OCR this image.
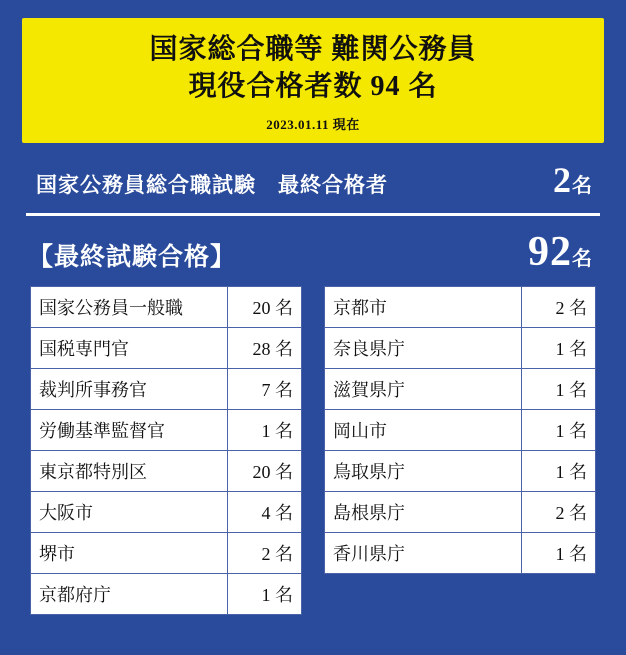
国家総合職等 難関公務員
現役合格者数 94 名
2023.01.11 現在
国家公務員総合職試験　最終合格者	2名
【最終試験合格】	92名
国家公務員一般職	20 名
国税専門官	28 名
裁判所事務官	7 名
労働基準監督官	1 名
東京都特別区	20 名
大阪市	4 名
堺市	2 名
京都府庁	1 名
京都市	2 名
奈良県庁	1 名
滋賀県庁	1 名
岡山市	1 名
鳥取県庁	1 名
島根県庁	2 名
香川県庁	1 名
